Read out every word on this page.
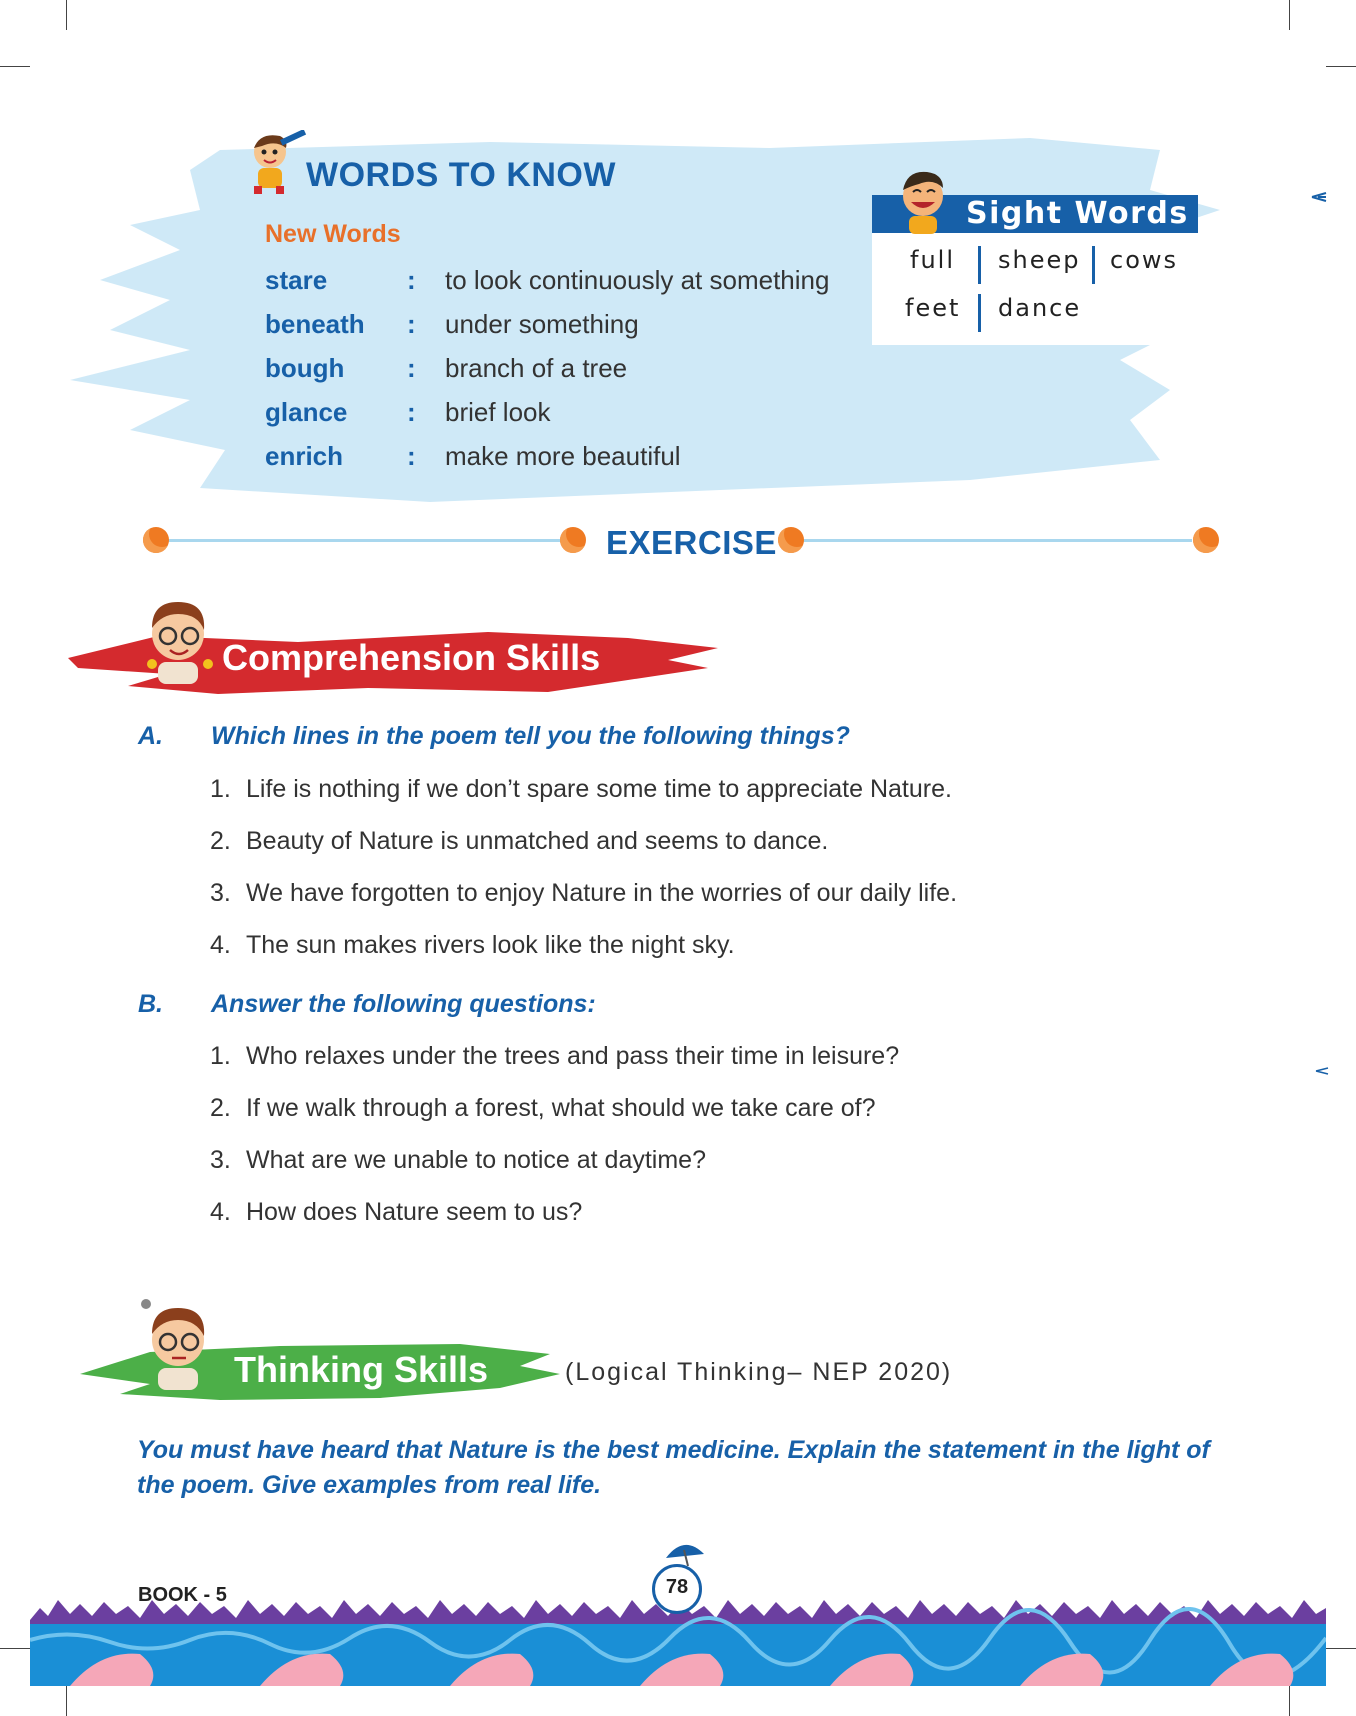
WORDS TO KNOW
New Words
stare	: to look continuously at something
beneath : under something
bough : branch of a tree
glance : brief look
enrich : make more beautiful
Sight Words
full sheep cows
feet dance
EXERCISE
Comprehension Skills
A. Which lines in the poem tell you the following things?
1. Life is nothing if we don’t spare some time to appreciate Nature.
2. Beauty of Nature is unmatched and seems to dance.
3. We have forgotten to enjoy Nature in the worries of our daily life.
4. The sun makes rivers look like the night sky.
B. Answer the following questions:
1. Who relaxes under the trees and pass their time in leisure?
2. If we walk through a forest, what should we take care of?
3. What are we unable to notice at daytime?
4. How does Nature seem to us?
Thinking Skills	(Logical Thinking– NEP 2020)
You must have heard that Nature is the best medicine. Explain the statement in the light of the poem. Give examples from real life.
BOOK - 5	78
